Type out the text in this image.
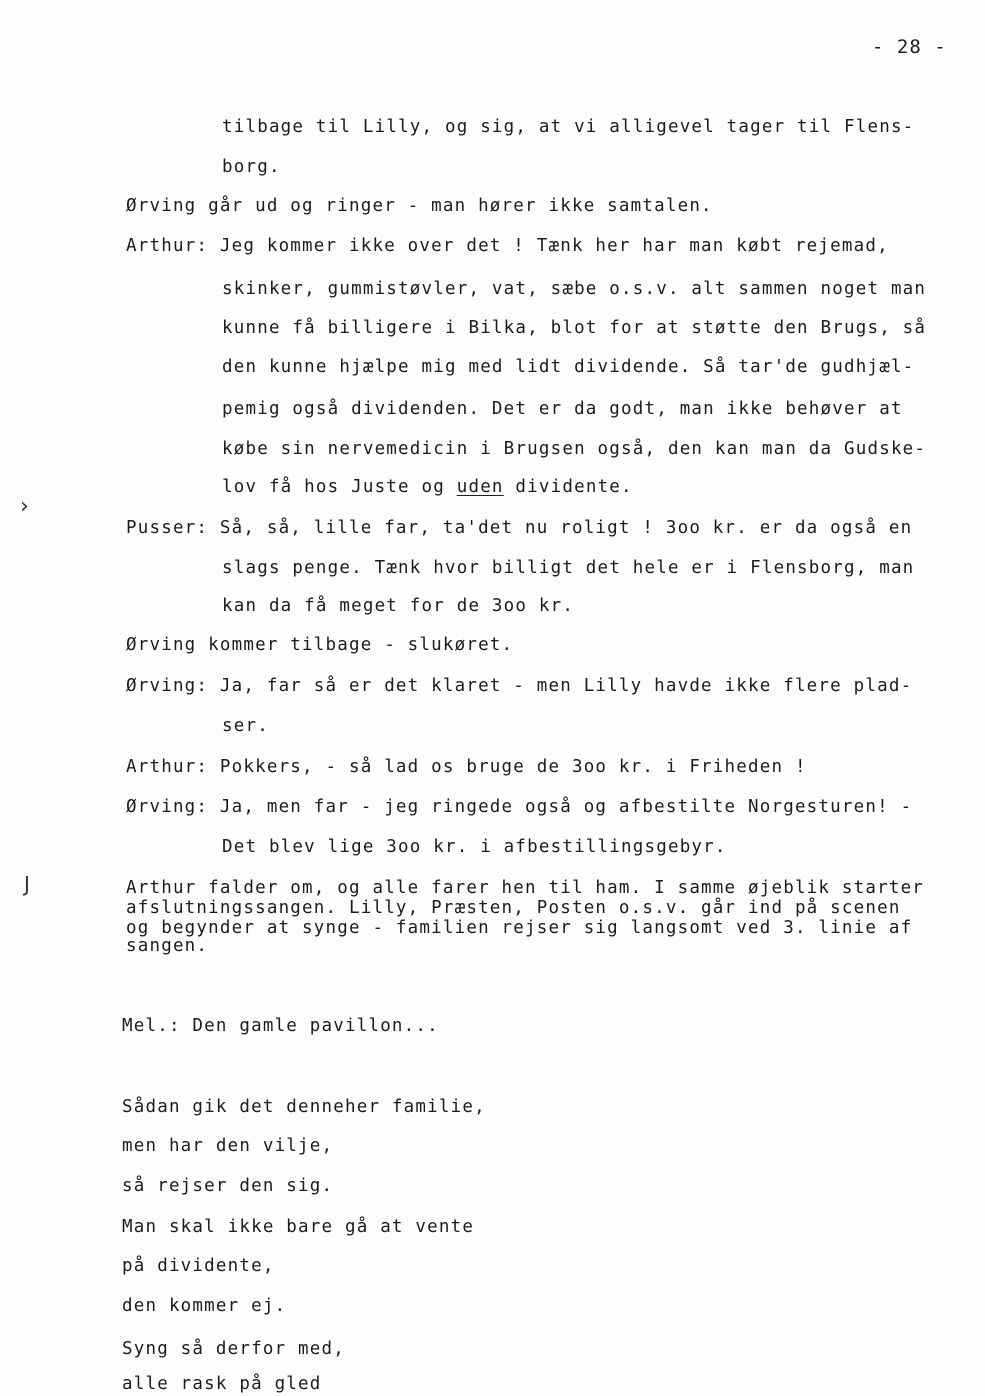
- 28 -
tilbage til Lilly, og sig, at vi alligevel tager til Flens-
borg.
Ørving går ud og ringer - man hører ikke samtalen.
Arthur: Jeg kommer ikke over det ! Tænk her har man købt rejemad,
skinker, gummistøvler, vat, sæbe o.s.v. alt sammen noget man
kunne få billigere i Bilka, blot for at støtte den Brugs, så
den kunne hjælpe mig med lidt dividende. Så tar'de gudhjæl-
pemig også dividenden. Det er da godt, man ikke behøver at
købe sin nervemedicin i Brugsen også, den kan man da Gudske-
lov få hos Juste og uden dividente.
Pusser: Så, så, lille far, ta'det nu roligt ! 3oo kr. er da også en
slags penge. Tænk hvor billigt det hele er i Flensborg, man
kan da få meget for de 3oo kr.
Ørving kommer tilbage - slukøret.
Ørving: Ja, far så er det klaret - men Lilly havde ikke flere plad-
ser.
Arthur: Pokkers, - så lad os bruge de 3oo kr. i Friheden !
Ørving: Ja, men far - jeg ringede også og afbestilte Norgesturen! -
Det blev lige 3oo kr. i afbestillingsgebyr.
Arthur falder om, og alle farer hen til ham. I samme øjeblik starter
afslutningssangen. Lilly, Præsten, Posten o.s.v. går ind på scenen
og begynder at synge - familien rejser sig langsomt ved 3. linie af
sangen.
Mel.: Den gamle pavillon...
Sådan gik det denneher familie,
men har den vilje,
så rejser den sig.
Man skal ikke bare gå at vente
på dividente,
den kommer ej.
Syng så derfor med,
alle rask på gled
›
J
